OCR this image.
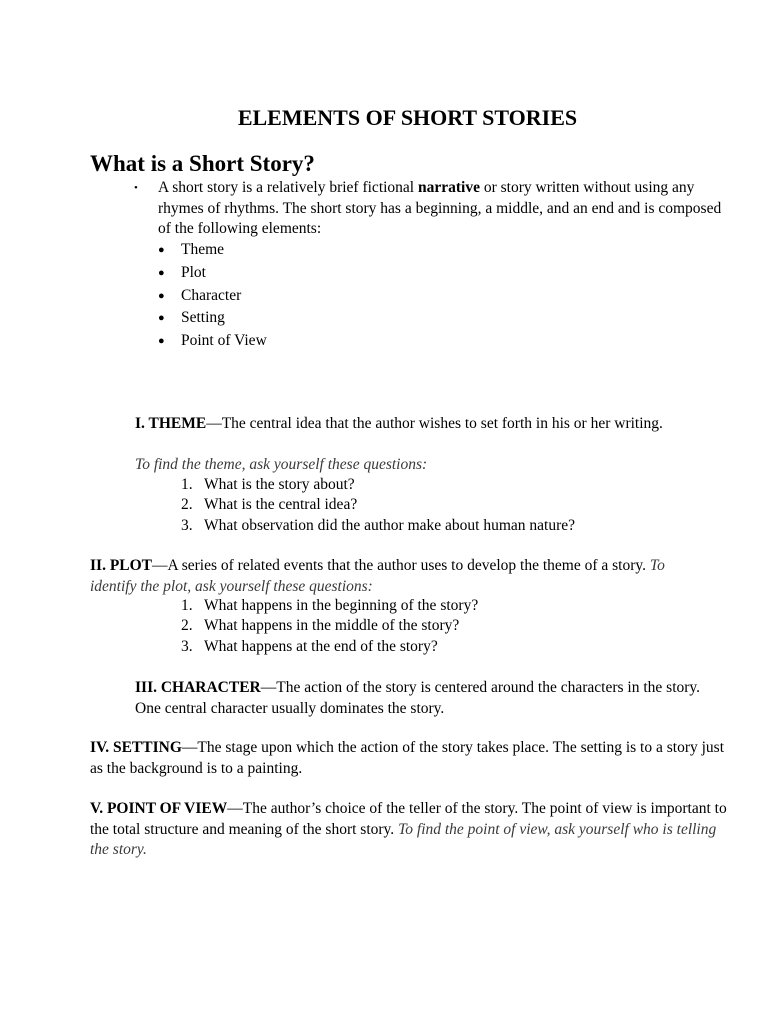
ELEMENTS OF SHORT STORIES
What is a Short Story?
• A short story is a relatively brief fictional narrative or story written without using any rhymes of rhythms. The short story has a beginning, a middle, and an end and is composed of the following elements:
● Theme
● Plot
● Character
● Setting
● Point of View
I. THEME—The central idea that the author wishes to set forth in his or her writing.
To find the theme, ask yourself these questions:
1. What is the story about?
2. What is the central idea?
3. What observation did the author make about human nature?
II. PLOT—A series of related events that the author uses to develop the theme of a story. To identify the plot, ask yourself these questions:
1. What happens in the beginning of the story?
2. What happens in the middle of the story?
3. What happens at the end of the story?
III. CHARACTER—The action of the story is centered around the characters in the story. One central character usually dominates the story.
IV. SETTING—The stage upon which the action of the story takes place. The setting is to a story just as the background is to a painting.
V. POINT OF VIEW—The author’s choice of the teller of the story. The point of view is important to the total structure and meaning of the short story. To find the point of view, ask yourself who is telling the story.
